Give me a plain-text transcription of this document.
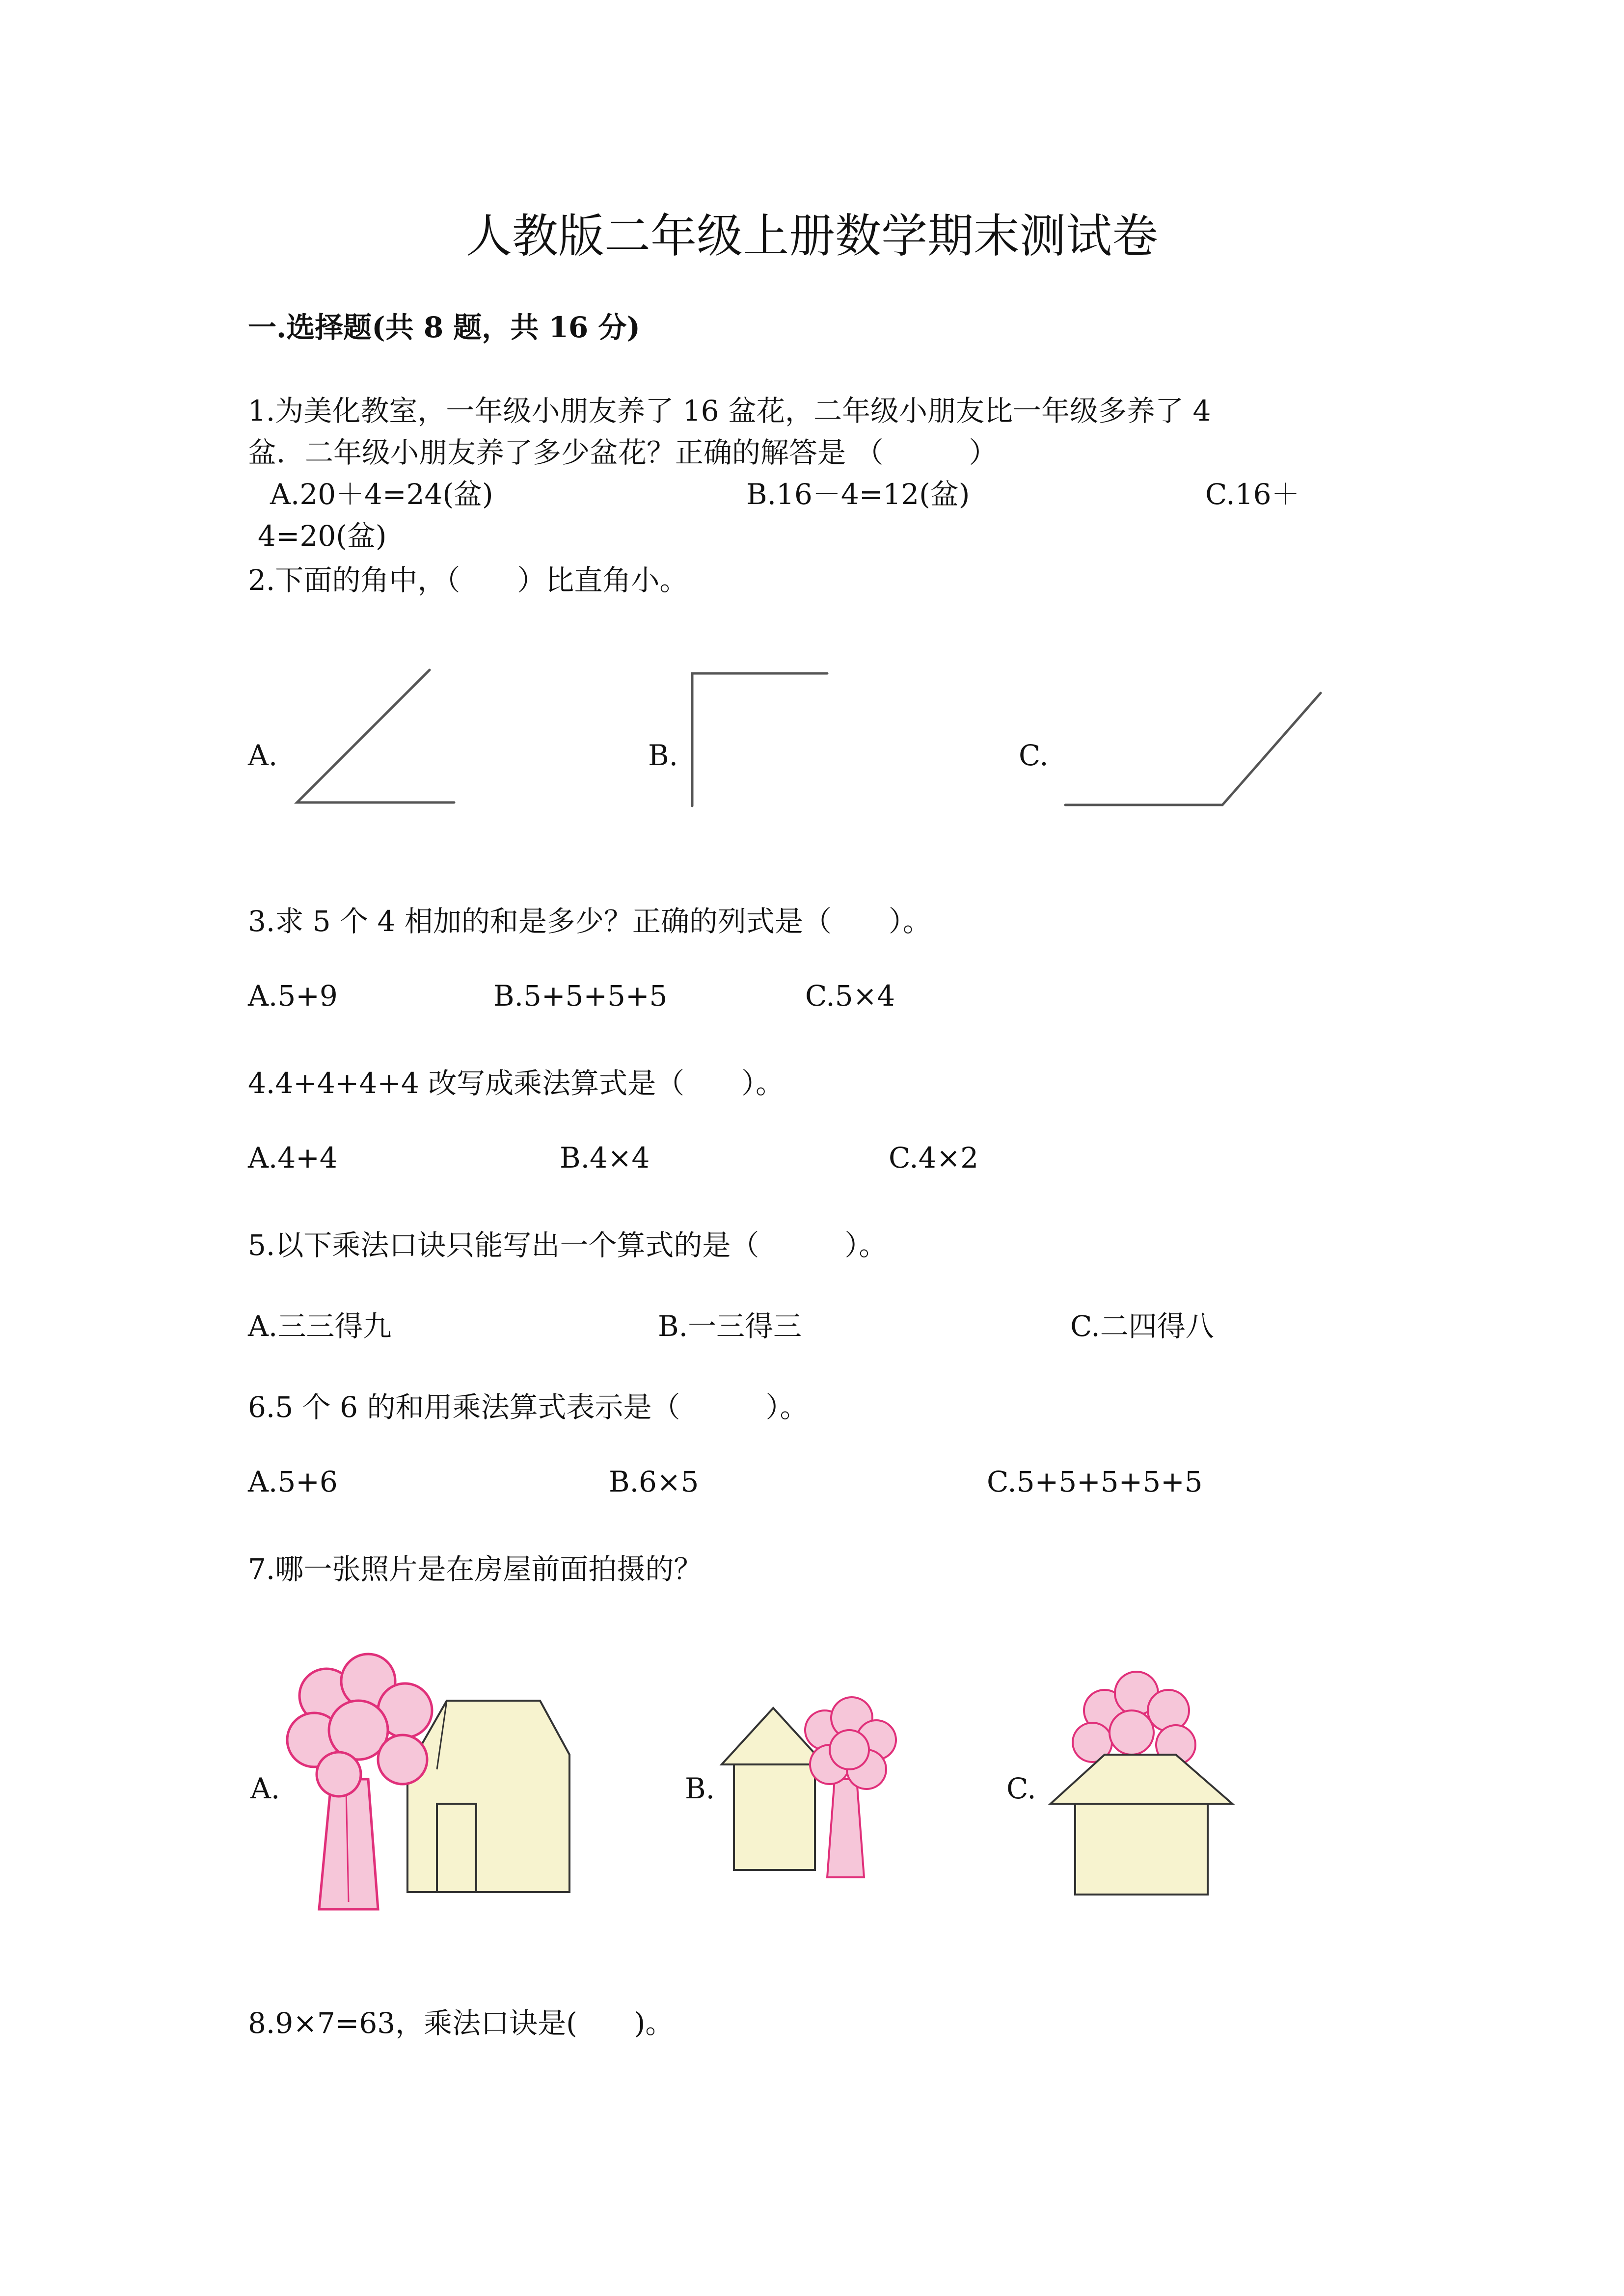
人教版二年级上册数学期末测试卷
一.选择题(共 8 题，共 16 分)
1.为美化教室，一年级小朋友养了 16 盆花，二年级小朋友比一年级多养了 4
盆．二年级小朋友养了多少盆花？正确的解答是 （　　　）
A.20＋4=24(盆)	B.16－4=12(盆)	C.16＋
4=20(盆)
2.下面的角中，（　　）比直角小。
A.	B.	C.
3.求 5 个 4 相加的和是多少？正确的列式是（　　）。
A.5+9	B.5+5+5+5	C.5×4
4.4+4+4+4 改写成乘法算式是（　　）。
A.4+4	B.4×4	C.4×2
5.以下乘法口诀只能写出一个算式的是（　　　）。
A.三三得九	B.一三得三	C.二四得八
6.5 个 6 的和用乘法算式表示是（　　　）。
A.5+6	B.6×5	C.5+5+5+5+5
7.哪一张照片是在房屋前面拍摄的？
A.	B.	C.
8.9×7=63，乘法口诀是(　　)。
